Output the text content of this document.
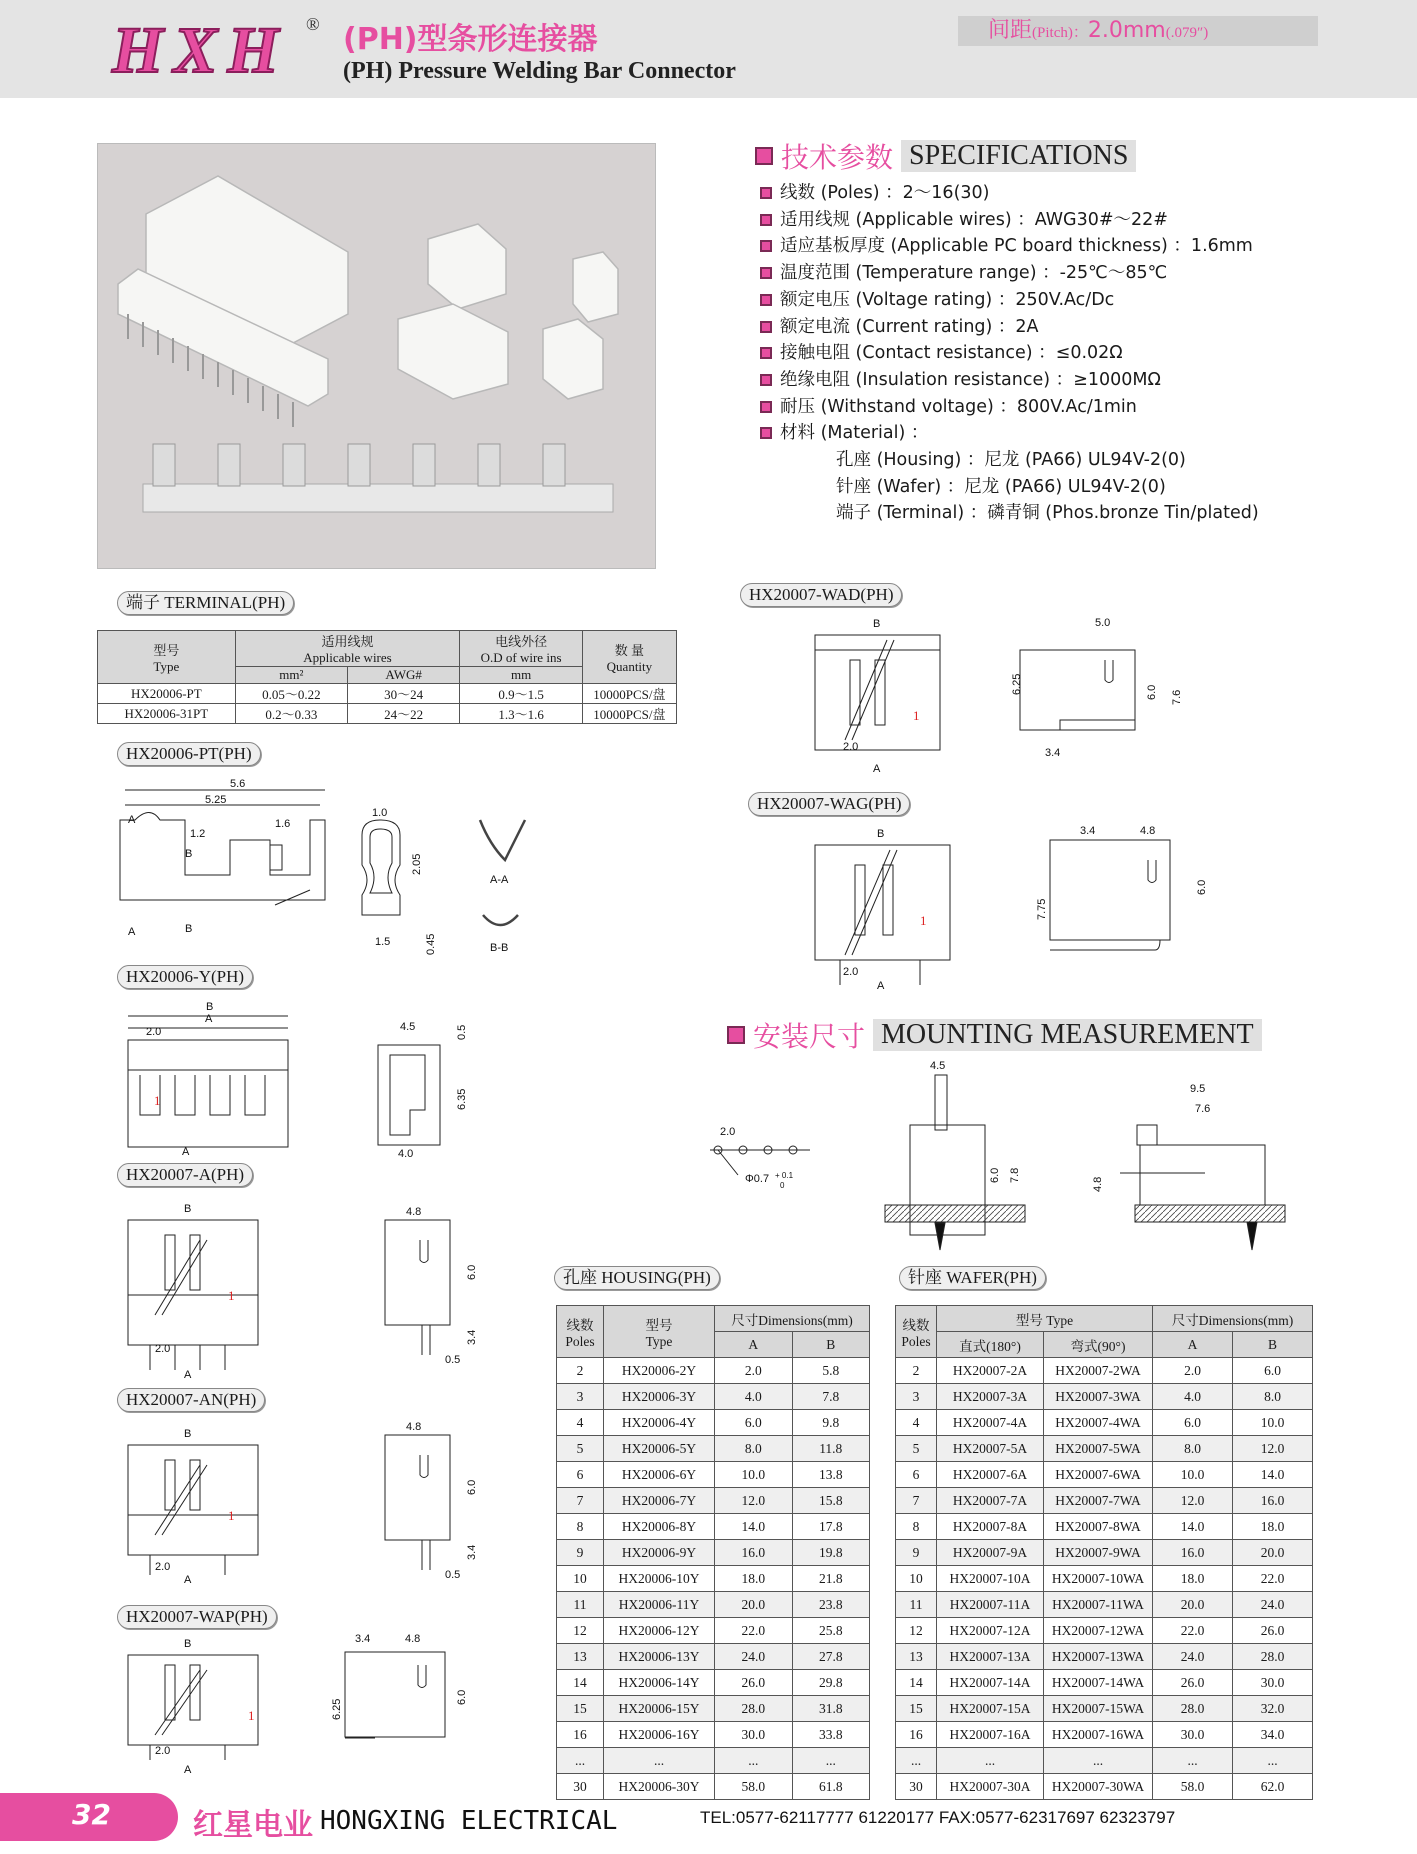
HXH ® (PH)型条形连接器
(PH) Pressure Welding Bar Connector
间距(Pitch)：2.0mm(.079″)
技术参数 SPECIFICATIONS
线数 (Poles) ：2～16(30)
适用线规 (Applicable wires) ：AWG30#～22#
适应基板厚度 (Applicable PC board thickness) ：1.6mm
温度范围 (Temperature range) ：-25℃～85℃
额定电压 (Voltage rating) ：250V.Ac/Dc
额定电流 (Current rating) ：2A
接触电阻 (Contact resistance) ：≤0.02Ω
绝缘电阻 (Insulation resistance) ：≥1000MΩ
耐压 (Withstand voltage) ：800V.Ac/1min
材料 (Material) ：
孔座 (Housing) ：尼龙 (PA66) UL94V-2(0)
针座 (Wafer) ：尼龙 (PA66) UL94V-2(0)
端子 (Terminal) ：磷青铜 (Phos.bronze Tin/plated)
端子 TERMINAL(PH)
型号
Type	适用线规
Applicable wires		电线外径
O.D of wire ins	数 量
Quantity
	mm²	AWG#	mm	
HX20006-PT	0.05～0.22	30～24	0.9～1.5	10000PCS/盘
HX20006-31PT	0.2～0.33	24～22	1.3～1.6	10000PCS/盘
HX20006-PT(PH)
HX20006-Y(PH)
HX20007-A(PH)
HX20007-AN(PH)
HX20007-WAP(PH)
HX20007-WAD(PH)
HX20007-WAG(PH)
孔座 HOUSING(PH)	针座 WAFER(PH)
5.6
5.25
1.2
1.6
A
B
A	B
1.0
2.05
1.5	0.45
A-A
B-B
2.0
B
A
1
A
4.5	0.5
6.35
4.0
B
1
2.0
A
4.8
6.0
3.4
0.5
B
1
2.0
A
4.8
6.0
3.4
0.5
B
1
2.0
A
3.4	4.8
6.25
6.0
B
1
2.0
A
5.0
6.25	6.0 7.6
3.4
B
1
2.0
A
3.4	4.8
7.75
6.0
安装尺寸 MOUNTING MEASUREMENT
2.0
Φ0.7 + 0.1
0
4.5
6.0 7.8
9.5
7.6
4.8
线数
Poles	型号
Type	尺寸Dimensions(mm)	
		A	B
2	HX20006-2Y	2.0	5.8
3	HX20006-3Y	4.0	7.8
4	HX20006-4Y	6.0	9.8
5	HX20006-5Y	8.0	11.8
6	HX20006-6Y	10.0	13.8
7	HX20006-7Y	12.0	15.8
8	HX20006-8Y	14.0	17.8
9	HX20006-9Y	16.0	19.8
10	HX20006-10Y	18.0	21.8
11	HX20006-11Y	20.0	23.8
12	HX20006-12Y	22.0	25.8
13	HX20006-13Y	24.0	27.8
14	HX20006-14Y	26.0	29.8
15	HX20006-15Y	28.0	31.8
16	HX20006-16Y	30.0	33.8
...	...	...	...
30	HX20006-30Y	58.0	61.8
线数
Poles	型号 Type		尺寸Dimensions(mm)	
	直式(180°)	弯式(90°)	A	B
2	HX20007-2A	HX20007-2WA	2.0	6.0
3	HX20007-3A	HX20007-3WA	4.0	8.0
4	HX20007-4A	HX20007-4WA	6.0	10.0
5	HX20007-5A	HX20007-5WA	8.0	12.0
6	HX20007-6A	HX20007-6WA	10.0	14.0
7	HX20007-7A	HX20007-7WA	12.0	16.0
8	HX20007-8A	HX20007-8WA	14.0	18.0
9	HX20007-9A	HX20007-9WA	16.0	20.0
10	HX20007-10A	HX20007-10WA	18.0	22.0
11	HX20007-11A	HX20007-11WA	20.0	24.0
12	HX20007-12A	HX20007-12WA	22.0	26.0
13	HX20007-13A	HX20007-13WA	24.0	28.0
14	HX20007-14A	HX20007-14WA	26.0	30.0
15	HX20007-15A	HX20007-15WA	28.0	32.0
16	HX20007-16A	HX20007-16WA	30.0	34.0
...	...	...	...	...
30	HX20007-30A	HX20007-30WA	58.0	62.0
32	红星电业 HONGXING ELECTRICAL	TEL:0577-62117777 61220177 FAX:0577-62317697 62323797
